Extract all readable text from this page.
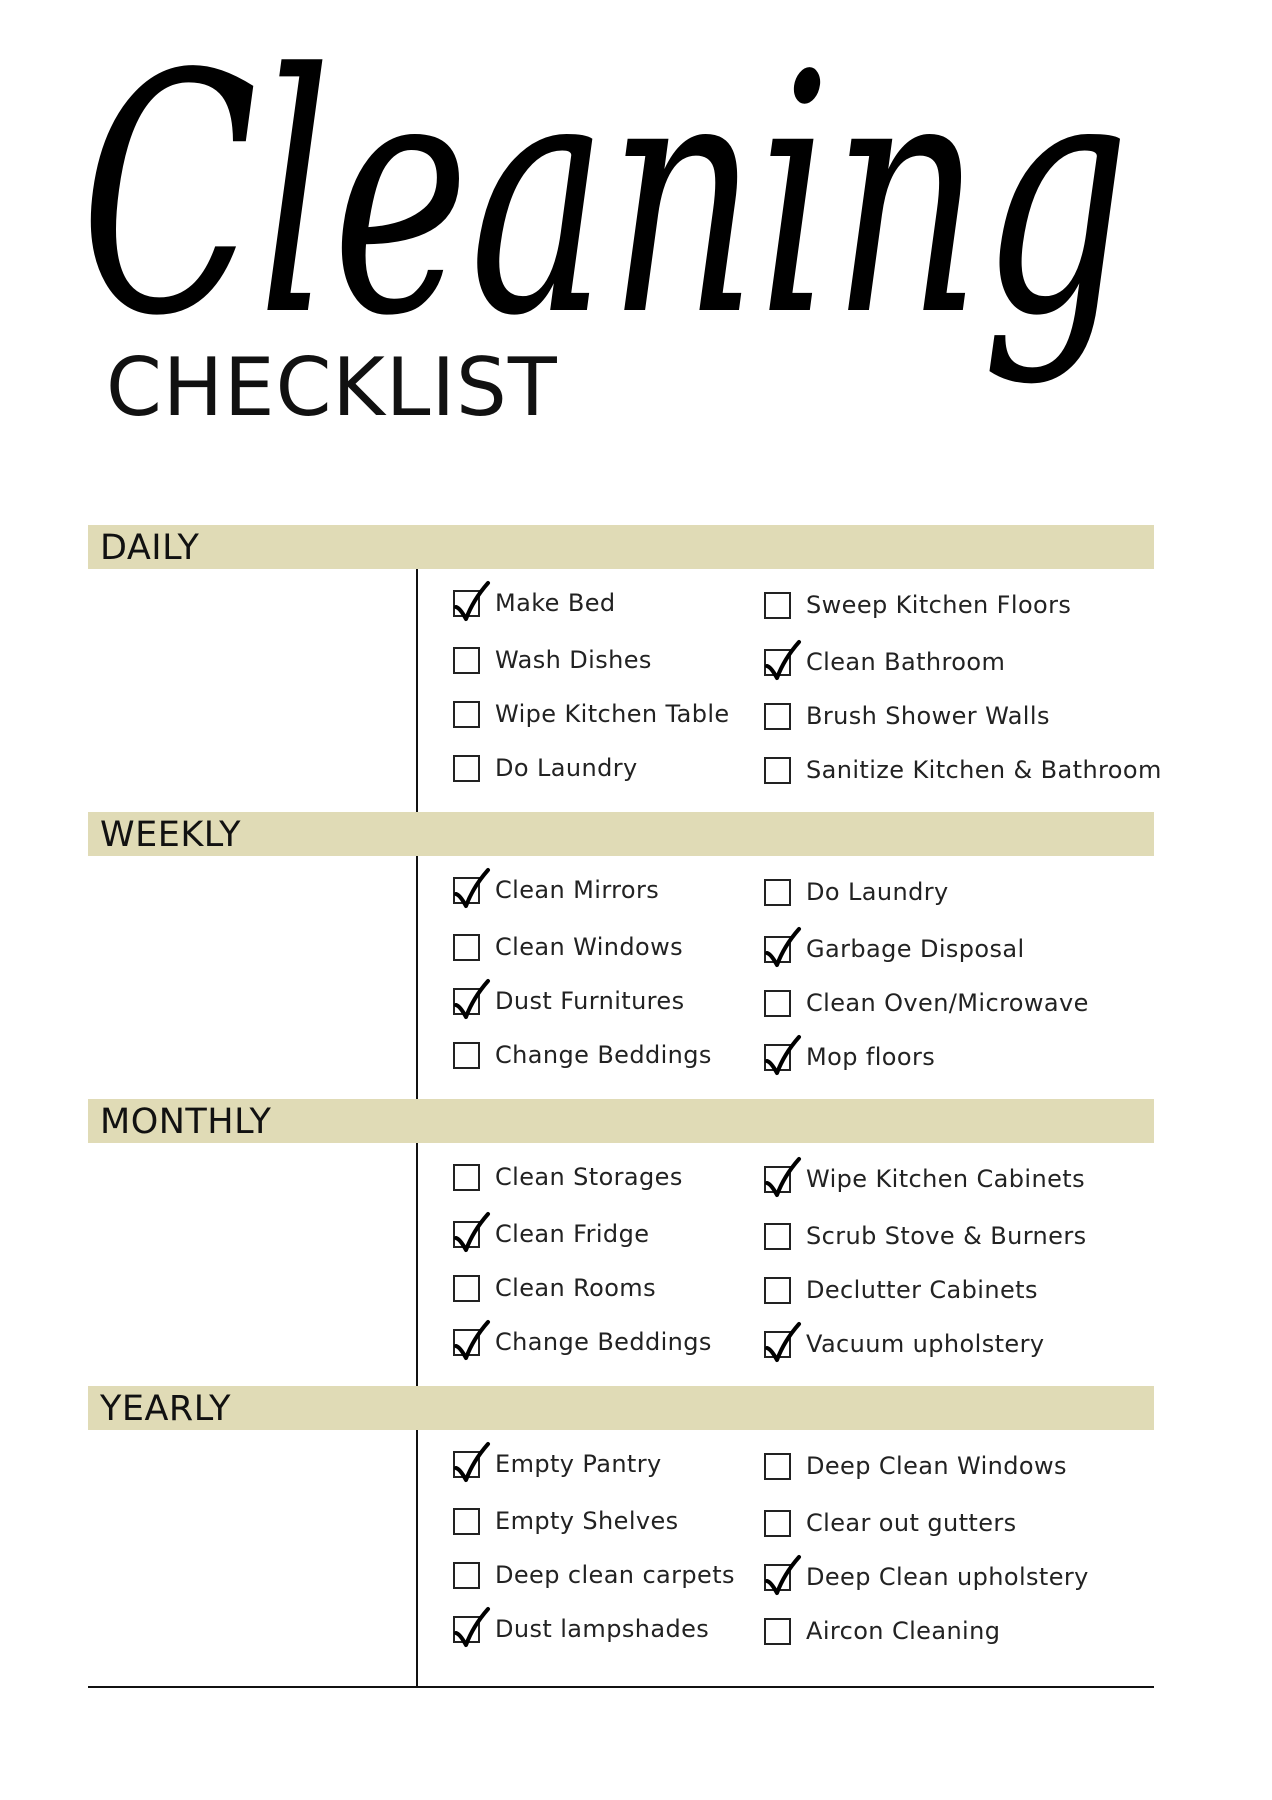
Cleaning
CHECKLIST
DAILY
Make Bed
Wash Dishes
Wipe Kitchen Table
Do Laundry
Sweep Kitchen Floors
Clean Bathroom
Brush Shower Walls
Sanitize Kitchen & Bathroom
WEEKLY
Clean Mirrors
Clean Windows
Dust Furnitures
Change Beddings
Do Laundry
Garbage Disposal
Clean Oven/Microwave
Mop floors
MONTHLY
Clean Storages
Clean Fridge
Clean Rooms
Change Beddings
Wipe Kitchen Cabinets
Scrub Stove & Burners
Declutter Cabinets
Vacuum upholstery
YEARLY
Empty Pantry
Empty Shelves
Deep clean carpets
Dust lampshades
Deep Clean Windows
Clear out gutters
Deep Clean upholstery
Aircon Cleaning
